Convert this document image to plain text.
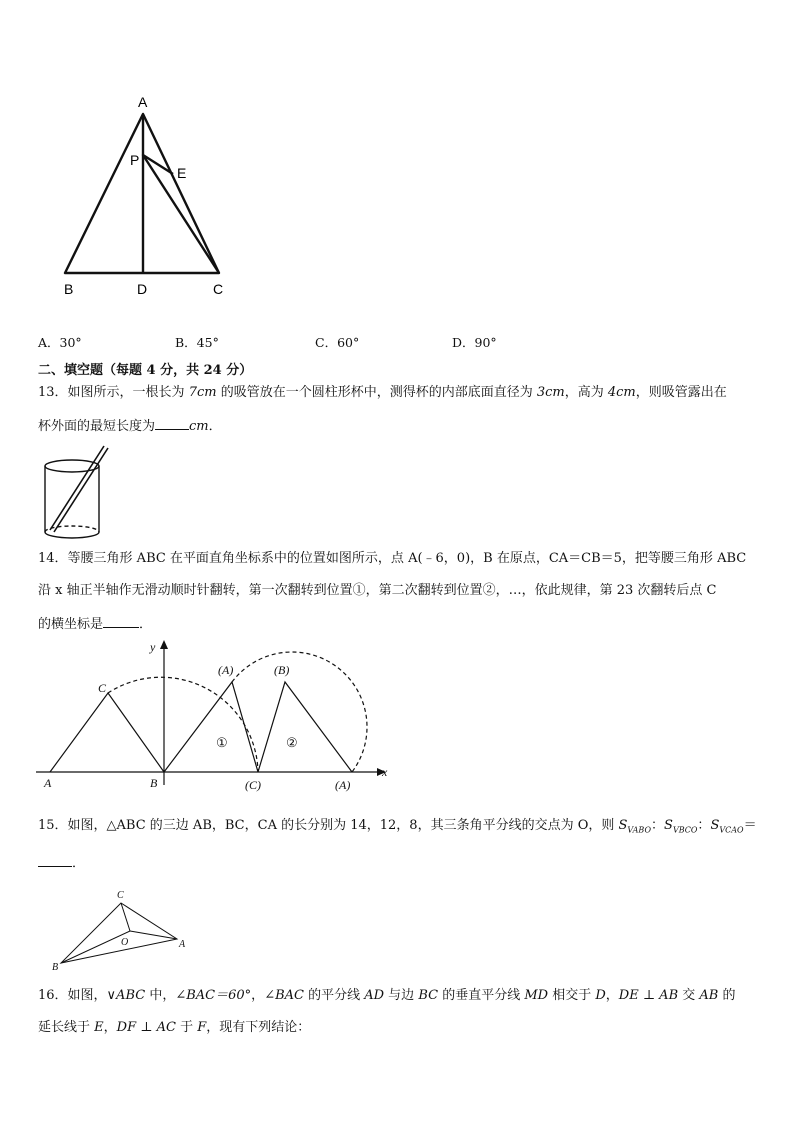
A
P
E
B	D	C
A．30°	B．45°	C．60°	D．90°
二、填空题（每题 4 分，共 24 分）
13．如图所示，一根长为 7cm 的吸管放在一个圆柱形杯中，测得杯的内部底面直径为 3cm，高为 4cm，则吸管露出在
杯外面的最短长度为	cm．
14．等腰三角形 ABC 在平面直角坐标系中的位置如图所示，点 A(﹣6，0)，B 在原点，CA＝CB＝5，把等腰三角形 ABC
沿 x 轴正半轴作无滑动顺时针翻转，第一次翻转到位置①，第二次翻转到位置②，…，依此规律，第 23 次翻转后点 C
的横坐标是	．
y
x
C
A	B
(A)	(B)
(C)	(A)
①	②
15．如图，△ABC 的三边 AB，BC，CA 的长分别为 14，12，8，其三条角平分线的交点为 O，则 $S_{VABO}$：$S_{VBCO}$：$S_{VCAO}=$
．
C
O	A
B
16．如图，∨ABC 中，∠BAC＝60°，∠BAC 的平分线 AD 与边 BC 的垂直平分线 MD 相交于 D，DE ⊥ AB 交 AB 的
延长线于 E，DF ⊥ AC 于 F，现有下列结论：
